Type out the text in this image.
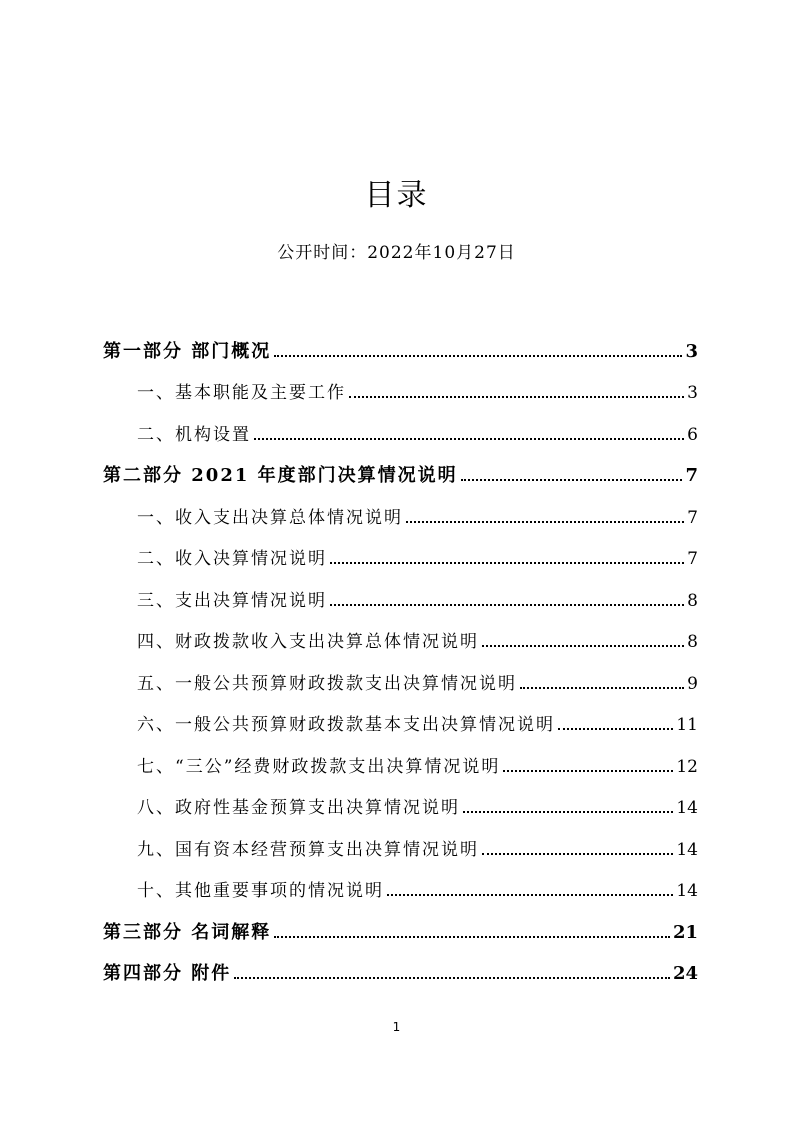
目录
公开时间：2022年10月27日
第一部分 部门概况	3
一、基本职能及主要工作	3
二、机构设置	6
第二部分 2021 年度部门决算情况说明	7
一、收入支出决算总体情况说明	7
二、收入决算情况说明	7
三、支出决算情况说明	8
四、财政拨款收入支出决算总体情况说明	8
五、一般公共预算财政拨款支出决算情况说明	9
六、一般公共预算财政拨款基本支出决算情况说明	11
七、“三公”经费财政拨款支出决算情况说明	12
八、政府性基金预算支出决算情况说明	14
九、国有资本经营预算支出决算情况说明	14
十、其他重要事项的情况说明	14
第三部分 名词解释	21
第四部分 附件	24
1
